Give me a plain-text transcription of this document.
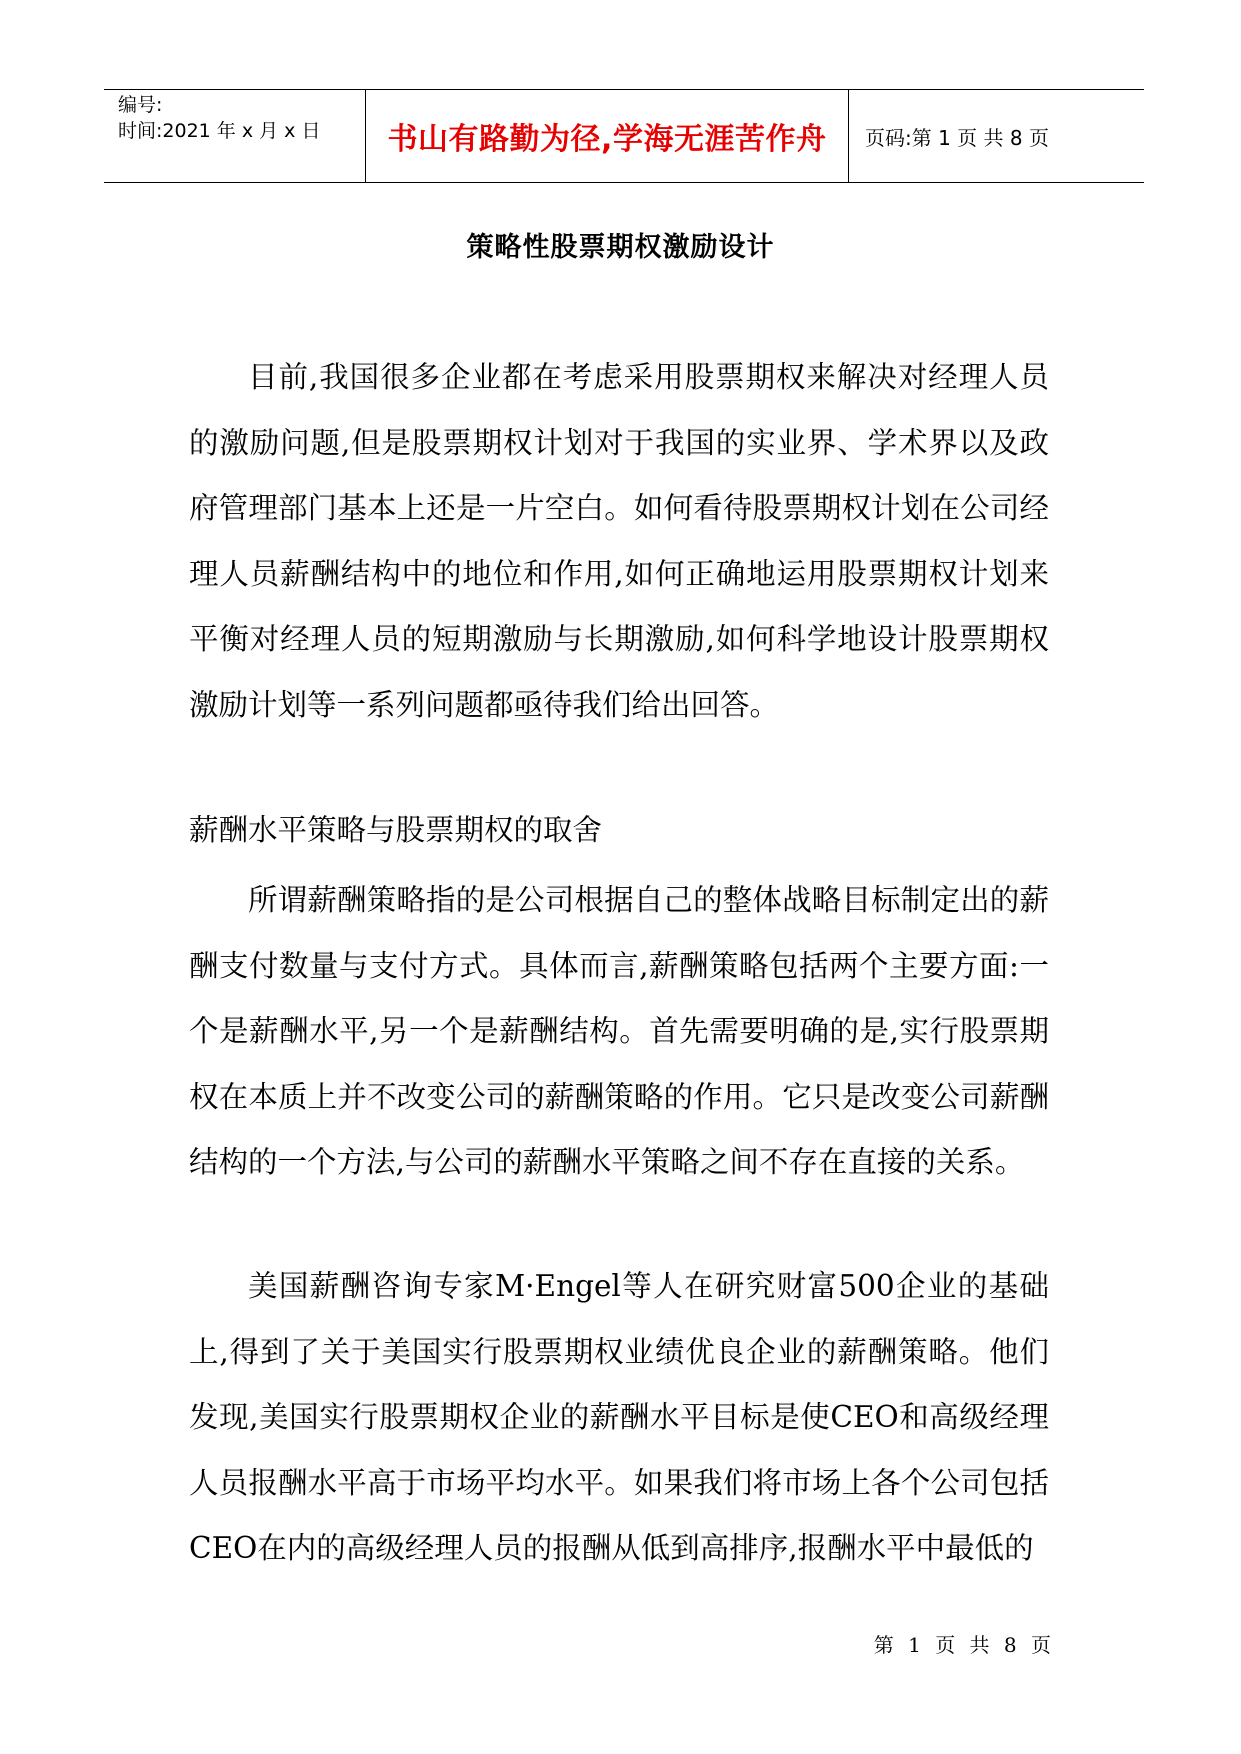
编号:
时间:2021 年 x 月 x 日	书山有路勤为径,学海无涯苦作舟	页码:第 1 页 共 8 页
策略性股票期权激励设计

目前,我国很多企业都在考虑采用股票期权来解决对经理人员的激励问题,但是股票期权计划对于我国的实业界、学术界以及政府管理部门基本上还是一片空白。如何看待股票期权计划在公司经理人员薪酬结构中的地位和作用,如何正确地运用股票期权计划来平衡对经理人员的短期激励与长期激励,如何科学地设计股票期权激励计划等一系列问题都亟待我们给出回答。

薪酬水平策略与股票期权的取舍

所谓薪酬策略指的是公司根据自己的整体战略目标制定出的薪酬支付数量与支付方式。具体而言,薪酬策略包括两个主要方面:一个是薪酬水平,另一个是薪酬结构。首先需要明确的是,实行股票期权在本质上并不改变公司的薪酬策略的作用。它只是改变公司薪酬结构的一个方法,与公司的薪酬水平策略之间不存在直接的关系。

美国薪酬咨询专家M·Engel等人在研究财富500企业的基础上,得到了关于美国实行股票期权业绩优良企业的薪酬策略。他们发现,美国实行股票期权企业的薪酬水平目标是使CEO和高级经理人员报酬水平高于市场平均水平。如果我们将市场上各个公司包括CEO在内的高级经理人员的报酬从低到高排序,报酬水平中最低的

第 1 页 共 8 页
